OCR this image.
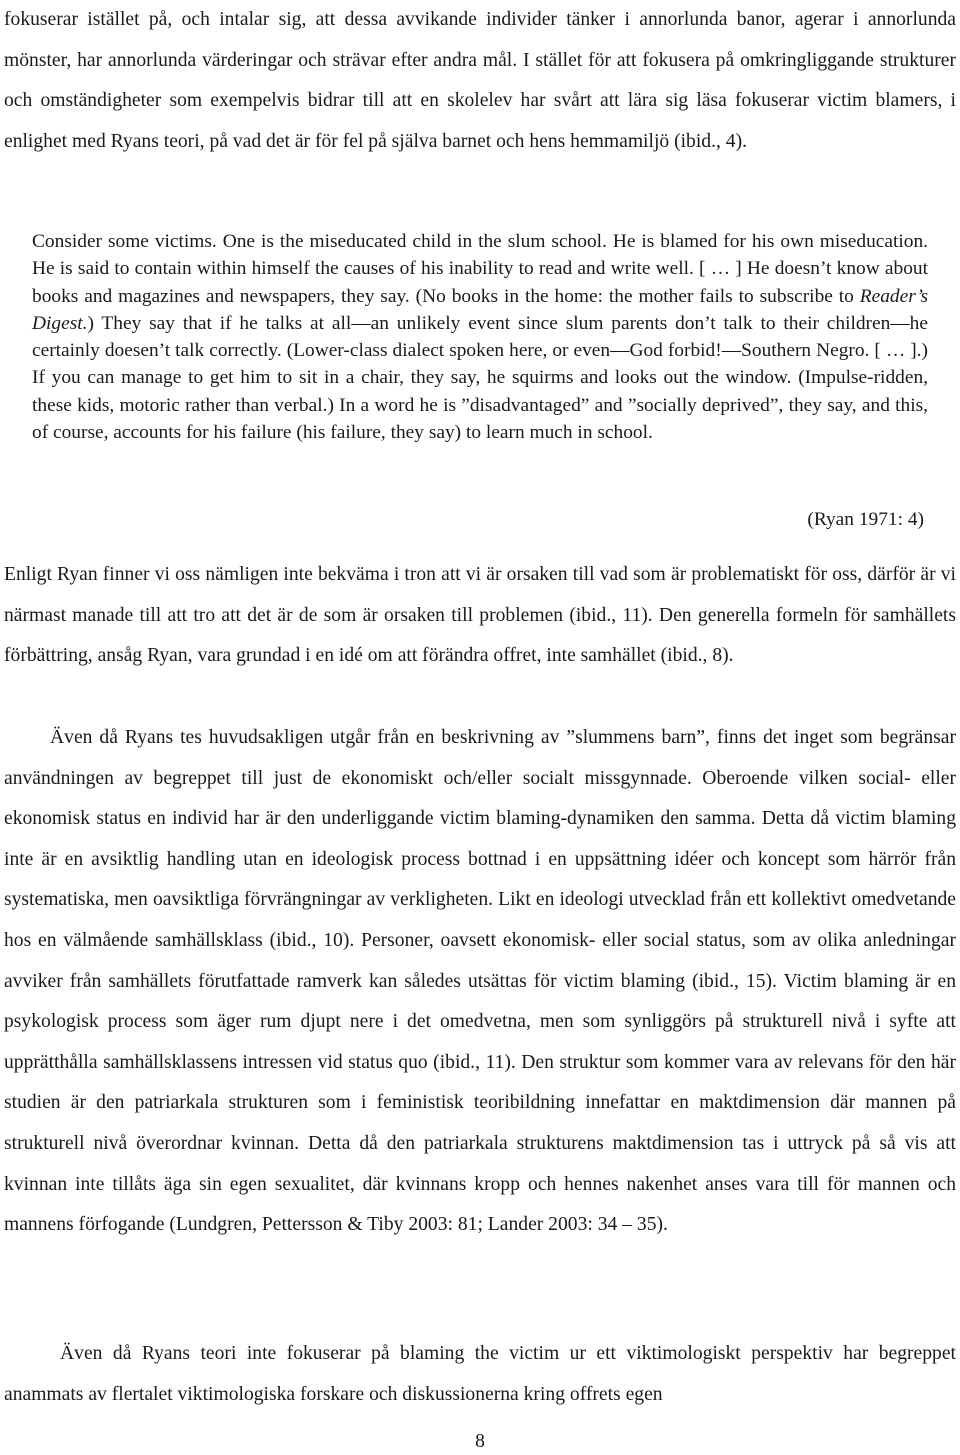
fokuserar istället på, och intalar sig, att dessa avvikande individer tänker i annorlunda banor, agerar i annorlunda mönster, har annorlunda värderingar och strävar efter andra mål. I stället för att fokusera på omkringliggande strukturer och omständigheter som exempelvis bidrar till att en skolelev har svårt att lära sig läsa fokuserar victim blamers, i enlighet med Ryans teori, på vad det är för fel på själva barnet och hens hemmamiljö (ibid., 4).

Consider some victims. One is the miseducated child in the slum school. He is blamed for his own miseducation. He is said to contain within himself the causes of his inability to read and write well. [ … ] He doesn’t know about books and magazines and newspapers, they say. (No books in the home: the mother fails to subscribe to Reader’s Digest.) They say that if he talks at all—an unlikely event since slum parents don’t talk to their children—he certainly doesen’t talk correctly. (Lower-class dialect spoken here, or even—God forbid!—Southern Negro. [ … ].) If you can manage to get him to sit in a chair, they say, he squirms and looks out the window. (Impulse-ridden, these kids, motoric rather than verbal.) In a word he is ”disadvantaged” and ”socially deprived”, they say, and this, of course, accounts for his failure (his failure, they say) to learn much in school.

(Ryan 1971: 4)

Enligt Ryan finner vi oss nämligen inte bekväma i tron att vi är orsaken till vad som är problematiskt för oss, därför är vi närmast manade till att tro att det är de som är orsaken till problemen (ibid., 11). Den generella formeln för samhällets förbättring, ansåg Ryan, vara grundad i en idé om att förändra offret, inte samhället (ibid., 8).

Även då Ryans tes huvudsakligen utgår från en beskrivning av ”slummens barn”, finns det inget som begränsar användningen av begreppet till just de ekonomiskt och/eller socialt missgynnade. Oberoende vilken social- eller ekonomisk status en individ har är den underliggande victim blaming-dynamiken den samma. Detta då victim blaming inte är en avsiktlig handling utan en ideologisk process bottnad i en uppsättning idéer och koncept som härrör från systematiska, men oavsiktliga förvrängningar av verkligheten. Likt en ideologi utvecklad från ett kollektivt omedvetande hos en välmående samhällsklass (ibid., 10). Personer, oavsett ekonomisk- eller social status, som av olika anledningar avviker från samhällets förutfattade ramverk kan således utsättas för victim blaming (ibid., 15). Victim blaming är en psykologisk process som äger rum djupt nere i det omedvetna, men som synliggörs på strukturell nivå i syfte att upprätthålla samhällsklassens intressen vid status quo (ibid., 11). Den struktur som kommer vara av relevans för den här studien är den patriarkala strukturen som i feministisk teoribildning innefattar en maktdimension där mannen på strukturell nivå överordnar kvinnan. Detta då den patriarkala strukturens maktdimension tas i uttryck på så vis att kvinnan inte tillåts äga sin egen sexualitet, där kvinnans kropp och hennes nakenhet anses vara till för mannen och mannens förfogande (Lundgren, Pettersson & Tiby 2003: 81; Lander 2003: 34 – 35).

Även då Ryans teori inte fokuserar på blaming the victim ur ett viktimologiskt perspektiv har begreppet anammats av flertalet viktimologiska forskare och diskussionerna kring offrets egen

8
